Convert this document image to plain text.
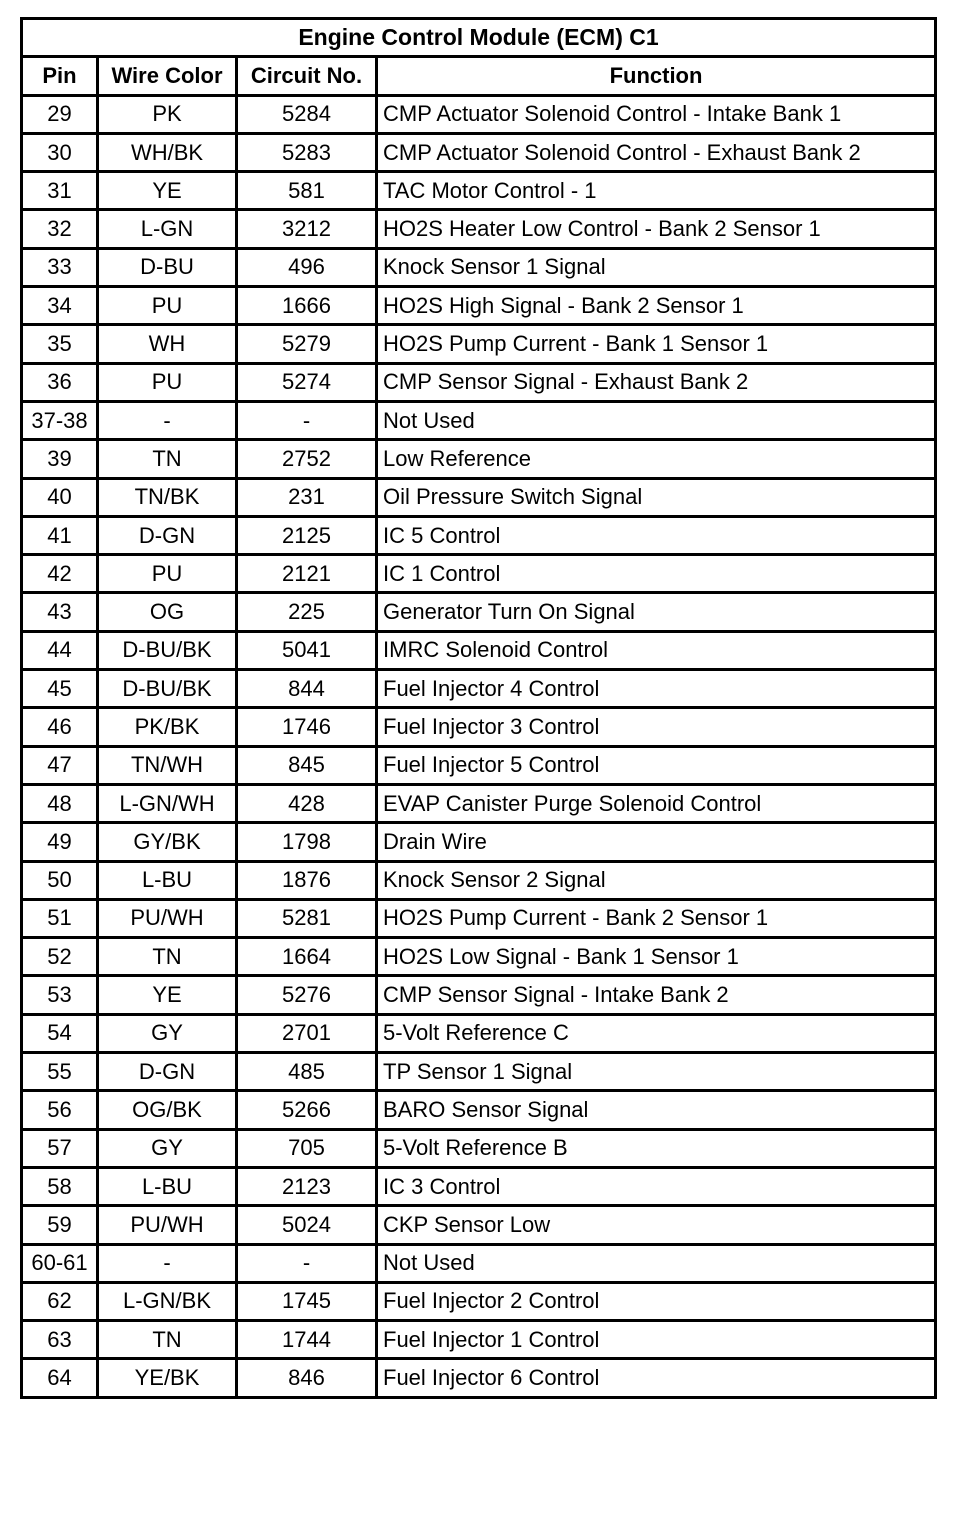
Engine Control Module (ECM) C1			
Pin	Wire Color	Circuit No.	Function
29	PK	5284	CMP Actuator Solenoid Control - Intake Bank 1
30	WH/BK	5283	CMP Actuator Solenoid Control - Exhaust Bank 2
31	YE	581	TAC Motor Control - 1
32	L-GN	3212	HO2S Heater Low Control - Bank 2 Sensor 1
33	D-BU	496	Knock Sensor 1 Signal
34	PU	1666	HO2S High Signal - Bank 2 Sensor 1
35	WH	5279	HO2S Pump Current - Bank 1 Sensor 1
36	PU	5274	CMP Sensor Signal - Exhaust Bank 2
37-38	-	-	Not Used
39	TN	2752	Low Reference
40	TN/BK	231	Oil Pressure Switch Signal
41	D-GN	2125	IC 5 Control
42	PU	2121	IC 1 Control
43	OG	225	Generator Turn On Signal
44	D-BU/BK	5041	IMRC Solenoid Control
45	D-BU/BK	844	Fuel Injector 4 Control
46	PK/BK	1746	Fuel Injector 3 Control
47	TN/WH	845	Fuel Injector 5 Control
48	L-GN/WH	428	EVAP Canister Purge Solenoid Control
49	GY/BK	1798	Drain Wire
50	L-BU	1876	Knock Sensor 2 Signal
51	PU/WH	5281	HO2S Pump Current - Bank 2 Sensor 1
52	TN	1664	HO2S Low Signal - Bank 1 Sensor 1
53	YE	5276	CMP Sensor Signal - Intake Bank 2
54	GY	2701	5-Volt Reference C
55	D-GN	485	TP Sensor 1 Signal
56	OG/BK	5266	BARO Sensor Signal
57	GY	705	5-Volt Reference B
58	L-BU	2123	IC 3 Control
59	PU/WH	5024	CKP Sensor Low
60-61	-	-	Not Used
62	L-GN/BK	1745	Fuel Injector 2 Control
63	TN	1744	Fuel Injector 1 Control
64	YE/BK	846	Fuel Injector 6 Control
